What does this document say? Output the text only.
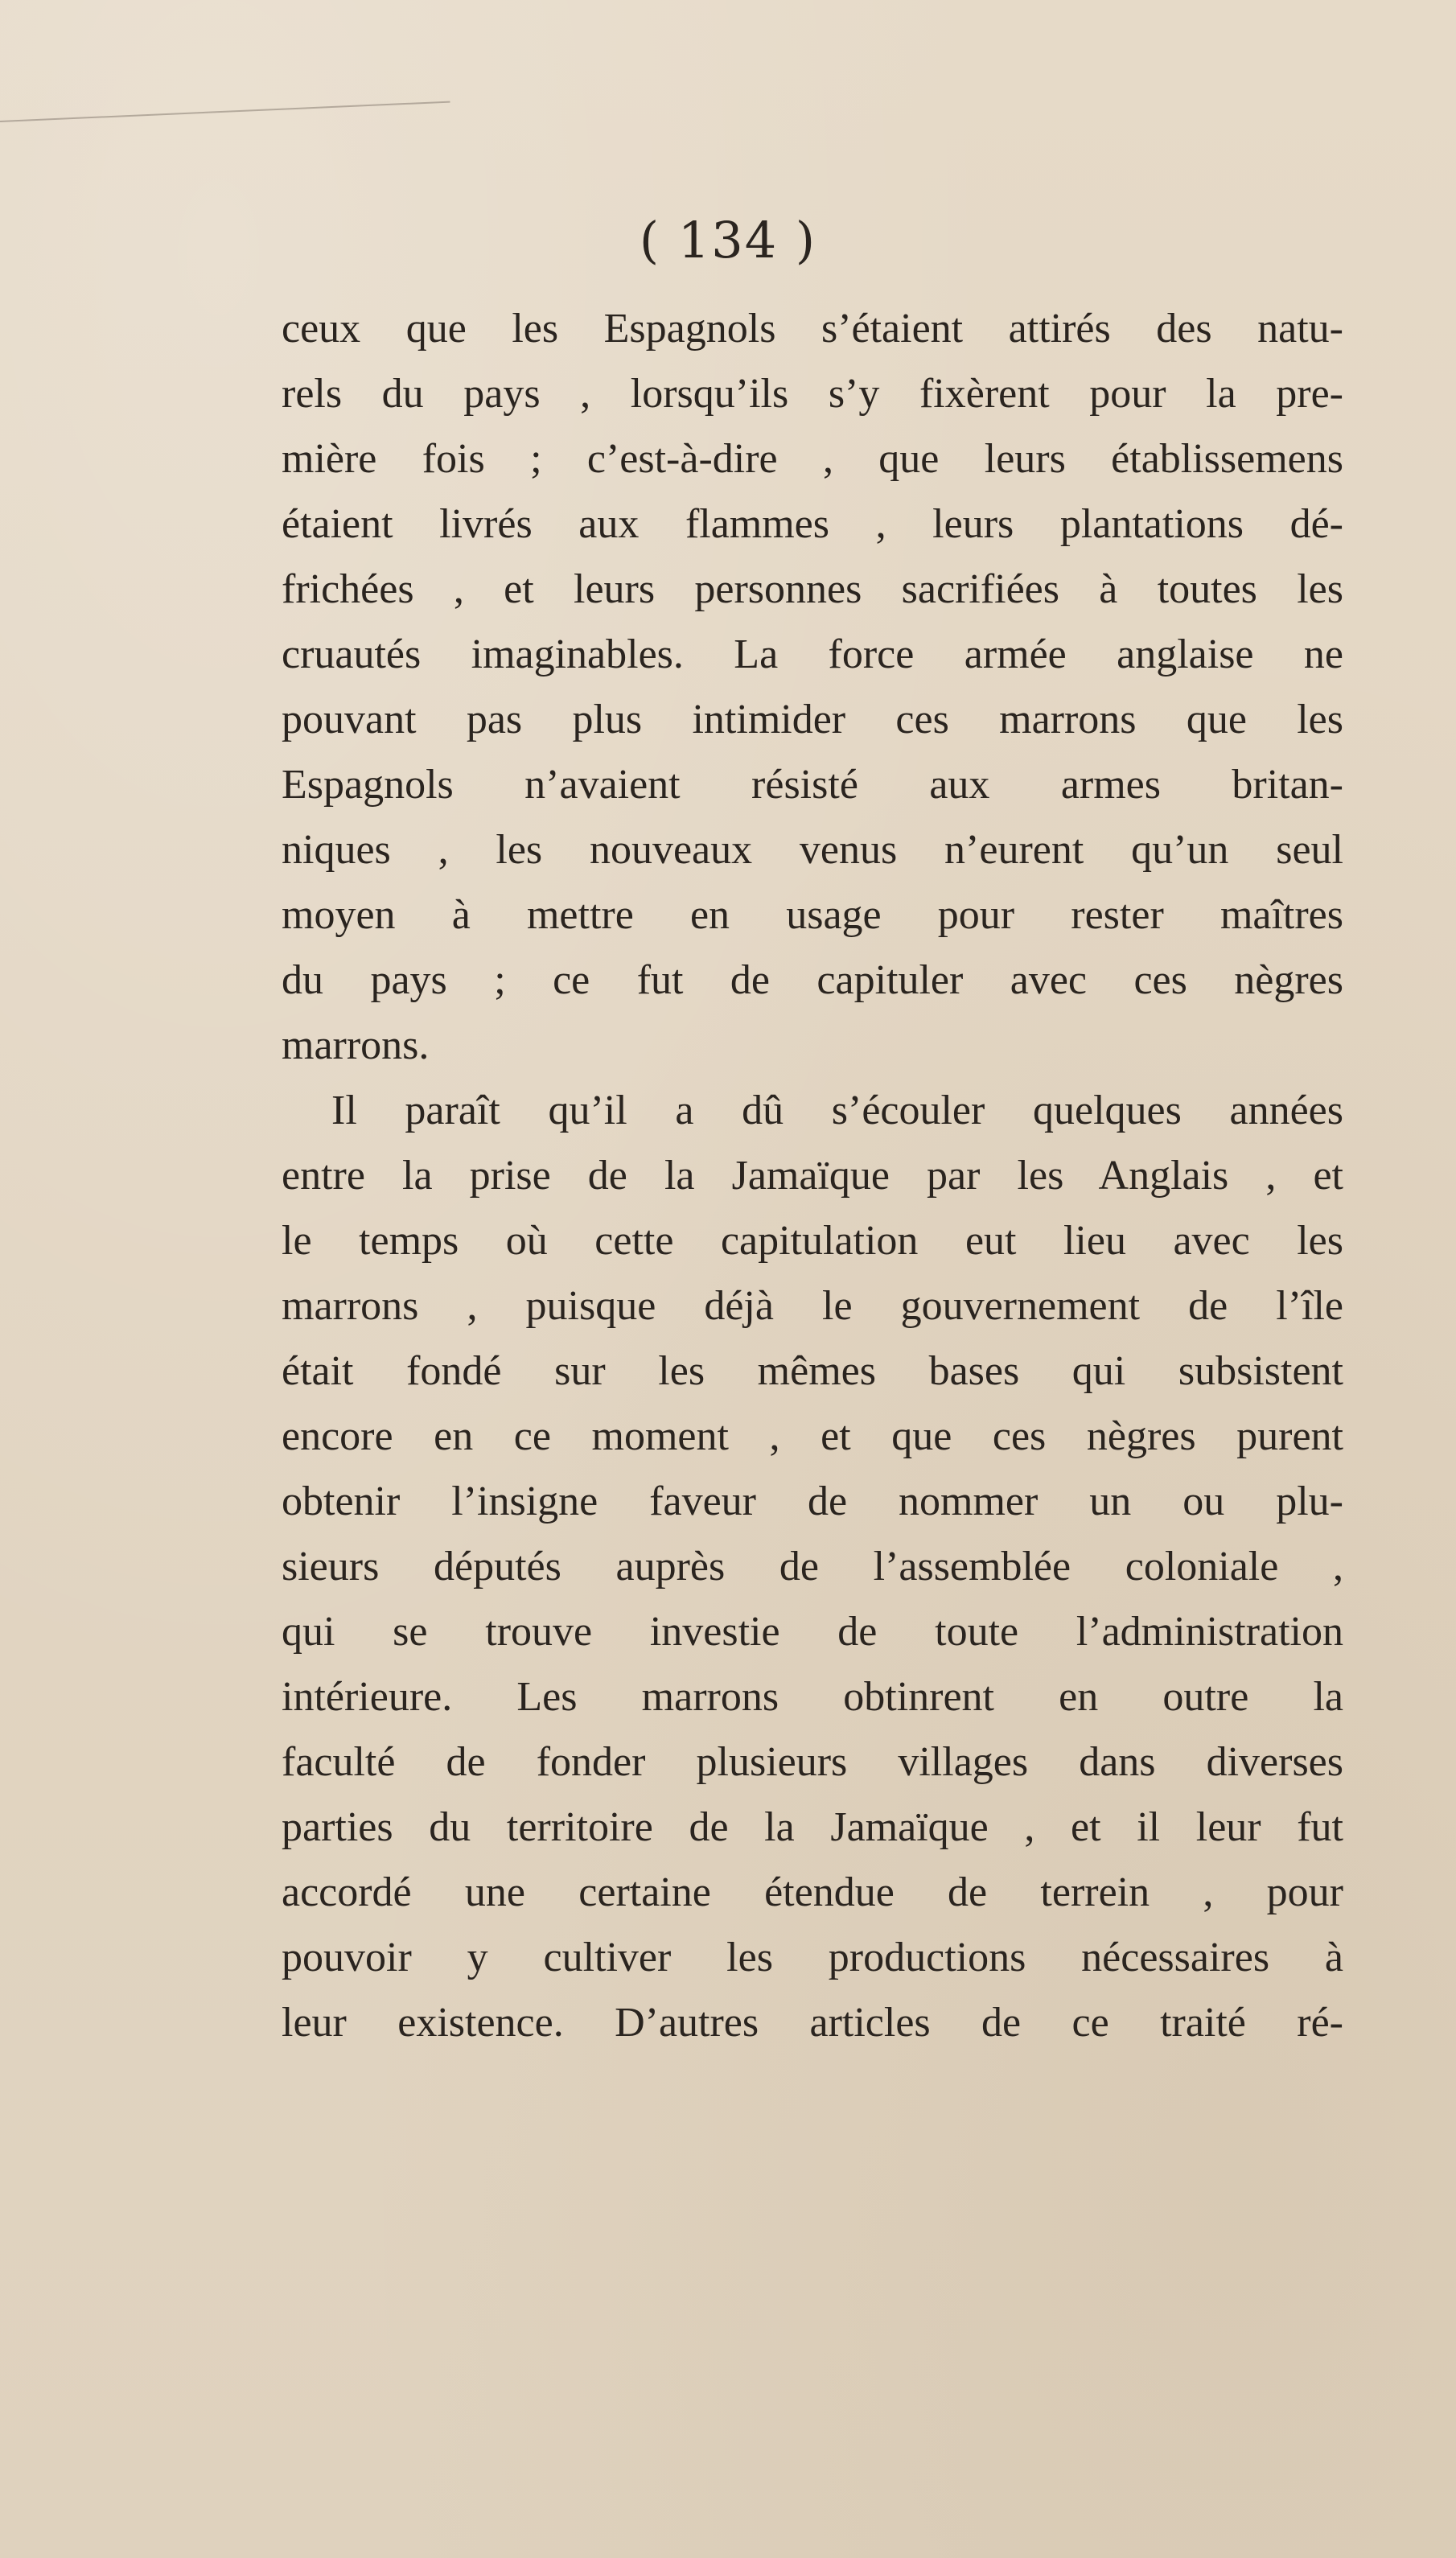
( 134 )
ceux que les Espagnols s’étaient attirés des natu-
rels du pays , lorsqu’ils s’y fixèrent pour la pre-
mière fois ; c’est-à-dire , que leurs établissemens
étaient livrés aux flammes , leurs plantations dé-
frichées , et leurs personnes sacrifiées à toutes les
cruautés imaginables. La force armée anglaise ne
pouvant pas plus intimider ces marrons que les
Espagnols n’avaient résisté aux armes britan-
niques , les nouveaux venus n’eurent qu’un seul
moyen à mettre en usage pour rester maîtres
du pays ; ce fut de capituler avec ces nègres
marrons.
Il paraît qu’il a dû s’écouler quelques années
entre la prise de la Jamaïque par les Anglais , et
le temps où cette capitulation eut lieu avec les
marrons , puisque déjà le gouvernement de l’île
était fondé sur les mêmes bases qui subsistent
encore en ce moment , et que ces nègres purent
obtenir l’insigne faveur de nommer un ou plu-
sieurs députés auprès de l’assemblée coloniale ,
qui se trouve investie de toute l’administration
intérieure. Les marrons obtinrent en outre la
faculté de fonder plusieurs villages dans diverses
parties du territoire de la Jamaïque , et il leur fut
accordé une certaine étendue de terrein , pour
pouvoir y cultiver les productions nécessaires à
leur existence. D’autres articles de ce traité ré-
